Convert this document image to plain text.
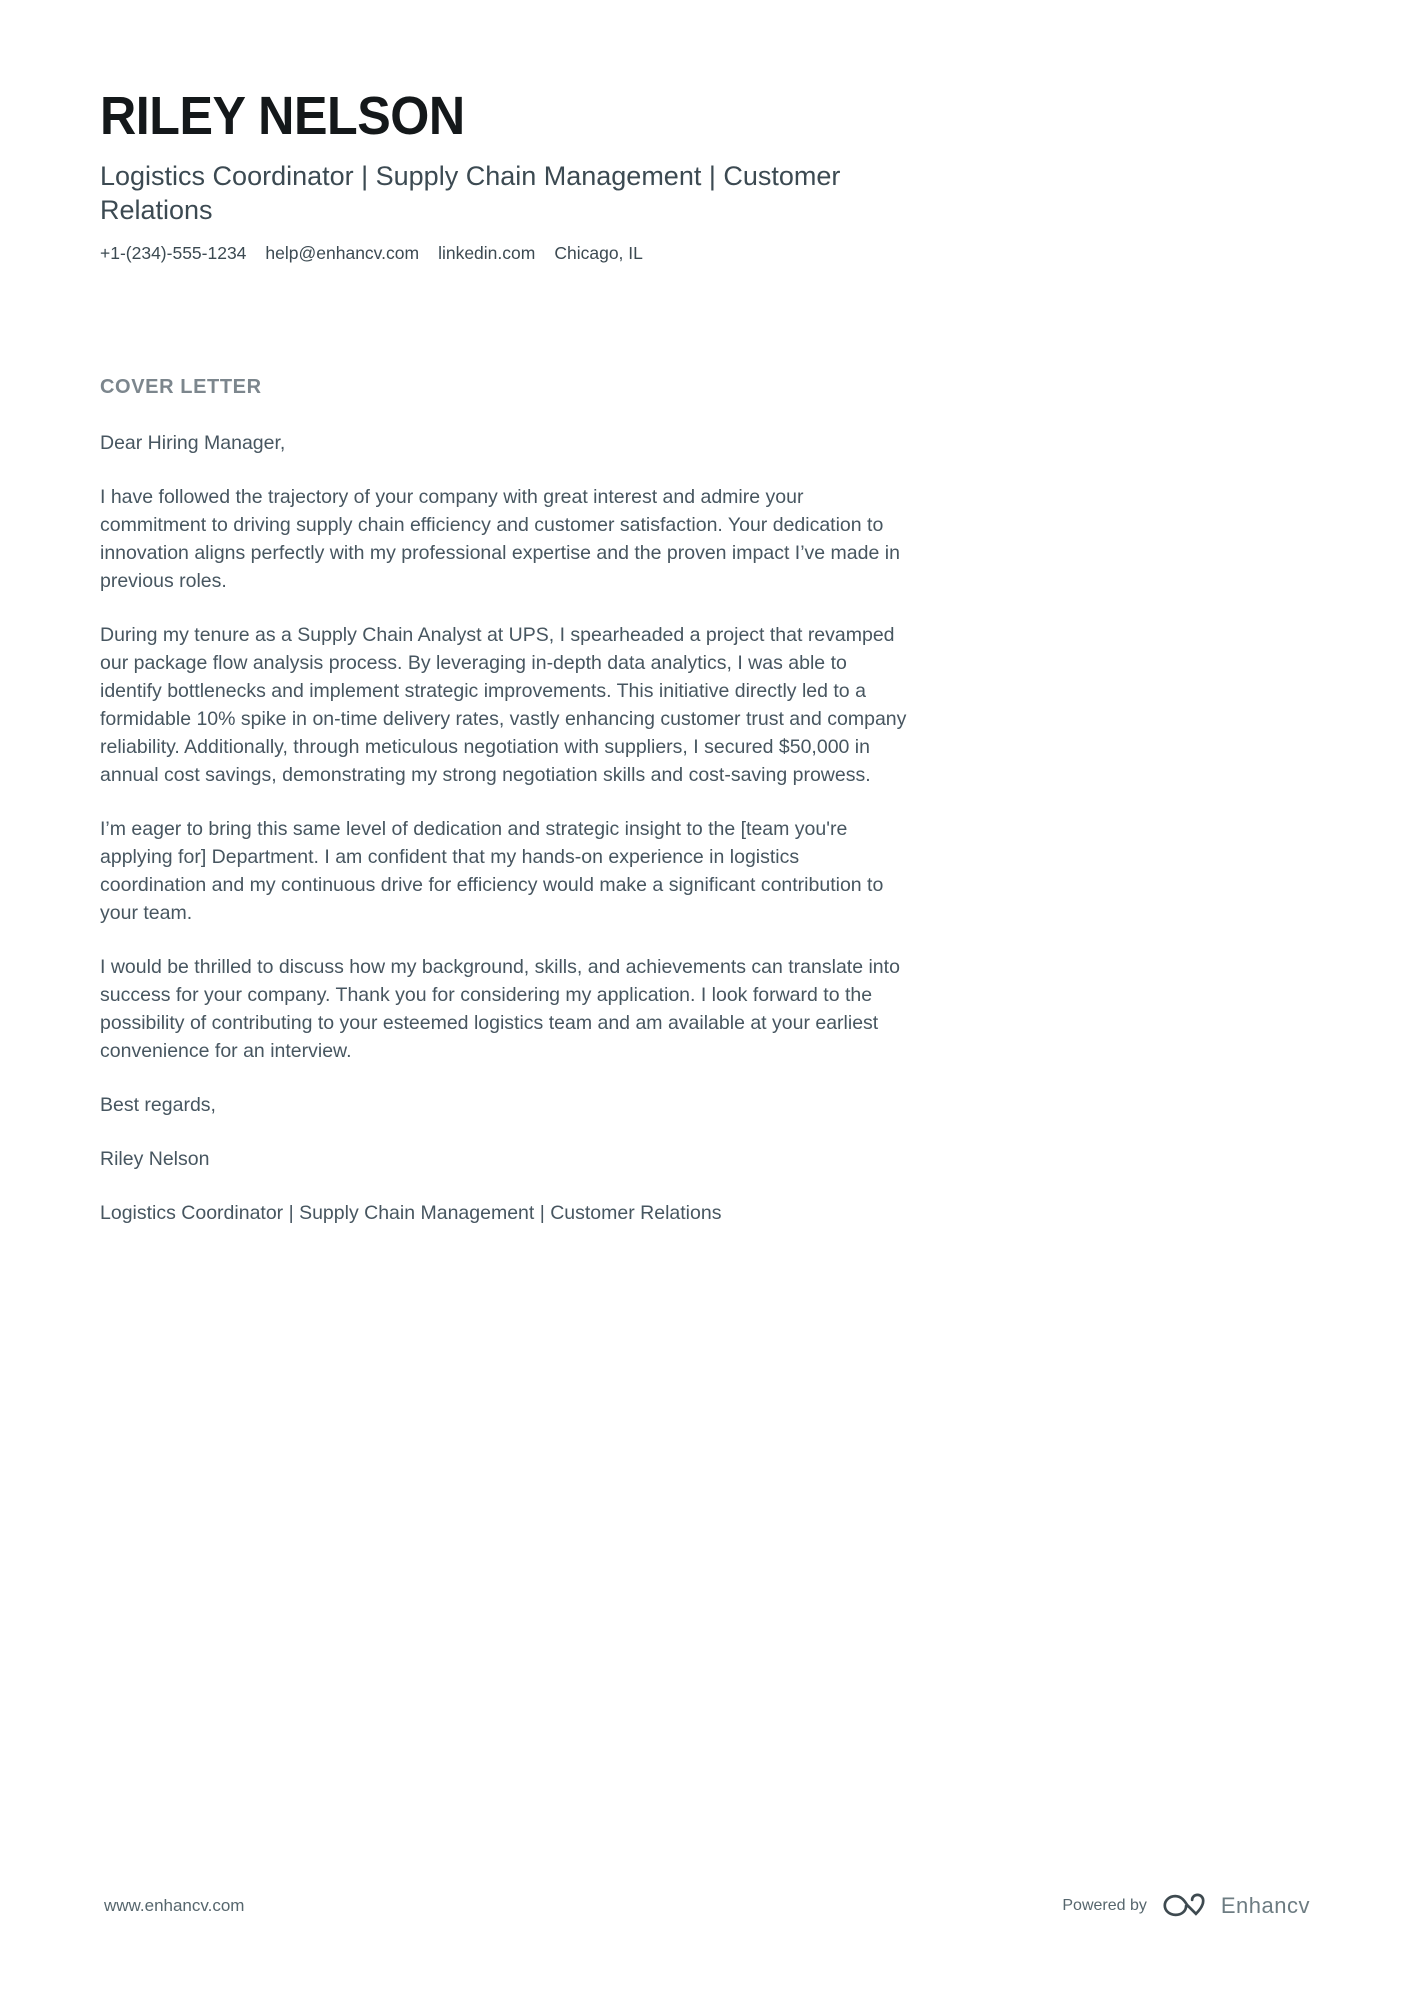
RILEY NELSON
Logistics Coordinator | Supply Chain Management | Customer Relations
+1-(234)-555-1234 help@enhancv.com linkedin.com Chicago, IL
COVER LETTER

Dear Hiring Manager,

I have followed the trajectory of your company with great interest and admire your commitment to driving supply chain efficiency and customer satisfaction. Your dedication to innovation aligns perfectly with my professional expertise and the proven impact I’ve made in previous roles.

During my tenure as a Supply Chain Analyst at UPS, I spearheaded a project that revamped our package flow analysis process. By leveraging in-depth data analytics, I was able to identify bottlenecks and implement strategic improvements. This initiative directly led to a formidable 10% spike in on-time delivery rates, vastly enhancing customer trust and company reliability. Additionally, through meticulous negotiation with suppliers, I secured $50,000 in annual cost savings, demonstrating my strong negotiation skills and cost-saving prowess.

I’m eager to bring this same level of dedication and strategic insight to the [team you're applying for] Department. I am confident that my hands-on experience in logistics coordination and my continuous drive for efficiency would make a significant contribution to your team.

I would be thrilled to discuss how my background, skills, and achievements can translate into success for your company. Thank you for considering my application. I look forward to the possibility of contributing to your esteemed logistics team and am available at your earliest convenience for an interview.

Best regards,

Riley Nelson

Logistics Coordinator | Supply Chain Management | Customer Relations

www.enhancv.com	Powered by	Enhancv
